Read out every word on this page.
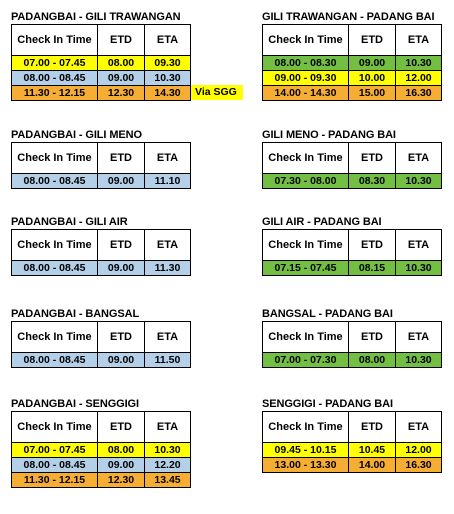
PADANGBAI - GILI TRAWANGAN
Check In Time	ETD	ETA
07.00 - 07.45	08.00	09.30
08.00 - 08.45	09.00	10.30
11.30 - 12.15	12.30	14.30	Via SGG
GILI TRAWANGAN - PADANG BAI
Check In Time	ETD	ETA
08.00 - 08.30	09.00	10.30
09.00 - 09.30	10.00	12.00
14.00 - 14.30	15.00	16.30
PADANGBAI - GILI MENO
Check In Time	ETD	ETA
08.00 - 08.45	09.00	11.10
GILI MENO - PADANG BAI
Check In Time	ETD	ETA
07.30 - 08.00	08.30	10.30
PADANGBAI - GILI AIR
Check In Time	ETD	ETA
08.00 - 08.45	09.00	11.30
GILI AIR - PADANG BAI
Check In Time	ETD	ETA
07.15 - 07.45	08.15	10.30
PADANGBAI - BANGSAL
Check In Time	ETD	ETA
08.00 - 08.45	09.00	11.50
BANGSAL - PADANG BAI
Check In Time	ETD	ETA
07.00 - 07.30	08.00	10.30
PADANGBAI - SENGGIGI
Check In Time	ETD	ETA
07.00 - 07.45	08.00	10.30
08.00 - 08.45	09.00	12.20
11.30 - 12.15	12.30	13.45
SENGGIGI - PADANG BAI
Check In Time	ETD	ETA
09.45 - 10.15	10.45	12.00
13.00 - 13.30	14.00	16.30
